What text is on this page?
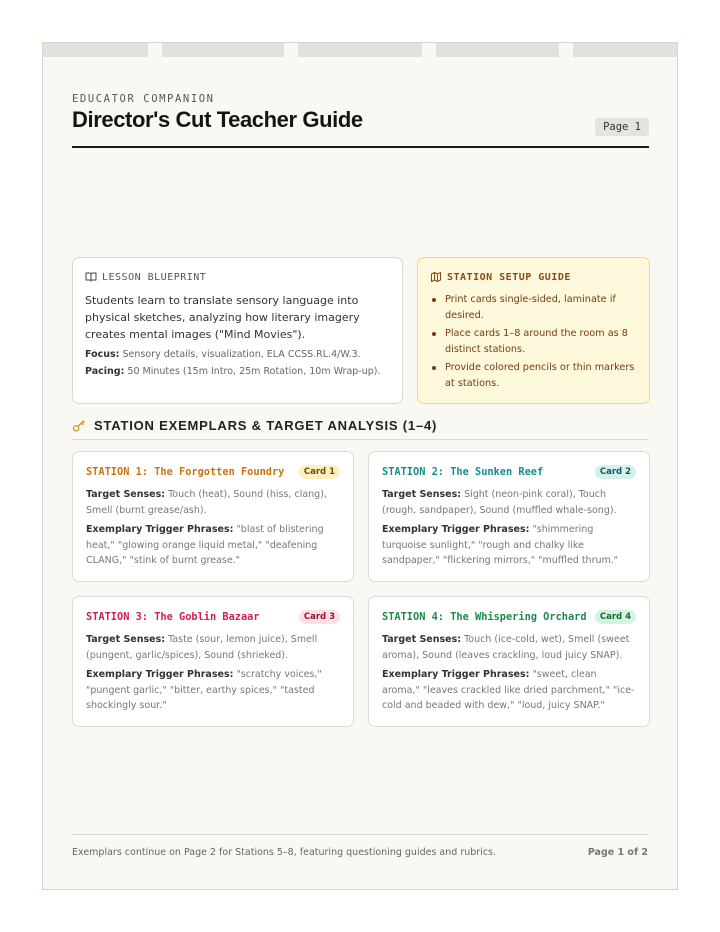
EDUCATOR COMPANION
Director's Cut Teacher Guide	Page 1
LESSON BLUEPRINT
Students learn to translate sensory language into physical sketches, analyzing how literary imagery creates mental images ("Mind Movies").
Focus: Sensory details, visualization, ELA CCSS.RL.4/W.3.
Pacing: 50 Minutes (15m Intro, 25m Rotation, 10m Wrap-up).
STATION SETUP GUIDE
Print cards single-sided, laminate if desired.
Place cards 1–8 around the room as 8 distinct stations.
Provide colored pencils or thin markers at stations.
STATION EXEMPLARS & TARGET ANALYSIS (1–4)
STATION 1: The Forgotten Foundry	Card 1

Target Senses: Touch (heat), Sound (hiss, clang), Smell (burnt grease/ash).

Exemplary Trigger Phrases: "blast of blistering heat," "glowing orange liquid metal," "deafening CLANG," "stink of burnt grease."

STATION 2: The Sunken Reef	Card 2

Target Senses: Sight (neon-pink coral), Touch (rough, sandpaper), Sound (muffled whale-song).

Exemplary Trigger Phrases: "shimmering turquoise sunlight," "rough and chalky like sandpaper," "flickering mirrors," "muffled thrum."

STATION 3: The Goblin Bazaar	Card 3

Target Senses: Taste (sour, lemon juice), Smell (pungent, garlic/spices), Sound (shrieked).

Exemplary Trigger Phrases: "scratchy voices," "pungent garlic," "bitter, earthy spices," "tasted shockingly sour."

STATION 4: The Whispering Orchard	Card 4

Target Senses: Touch (ice-cold, wet), Smell (sweet aroma), Sound (leaves crackling, loud juicy SNAP).

Exemplary Trigger Phrases: "sweet, clean aroma," "leaves crackled like dried parchment," "ice-cold and beaded with dew," "loud, juicy SNAP."

Exemplars continue on Page 2 for Stations 5–8, featuring questioning guides and rubrics.	Page 1 of 2
